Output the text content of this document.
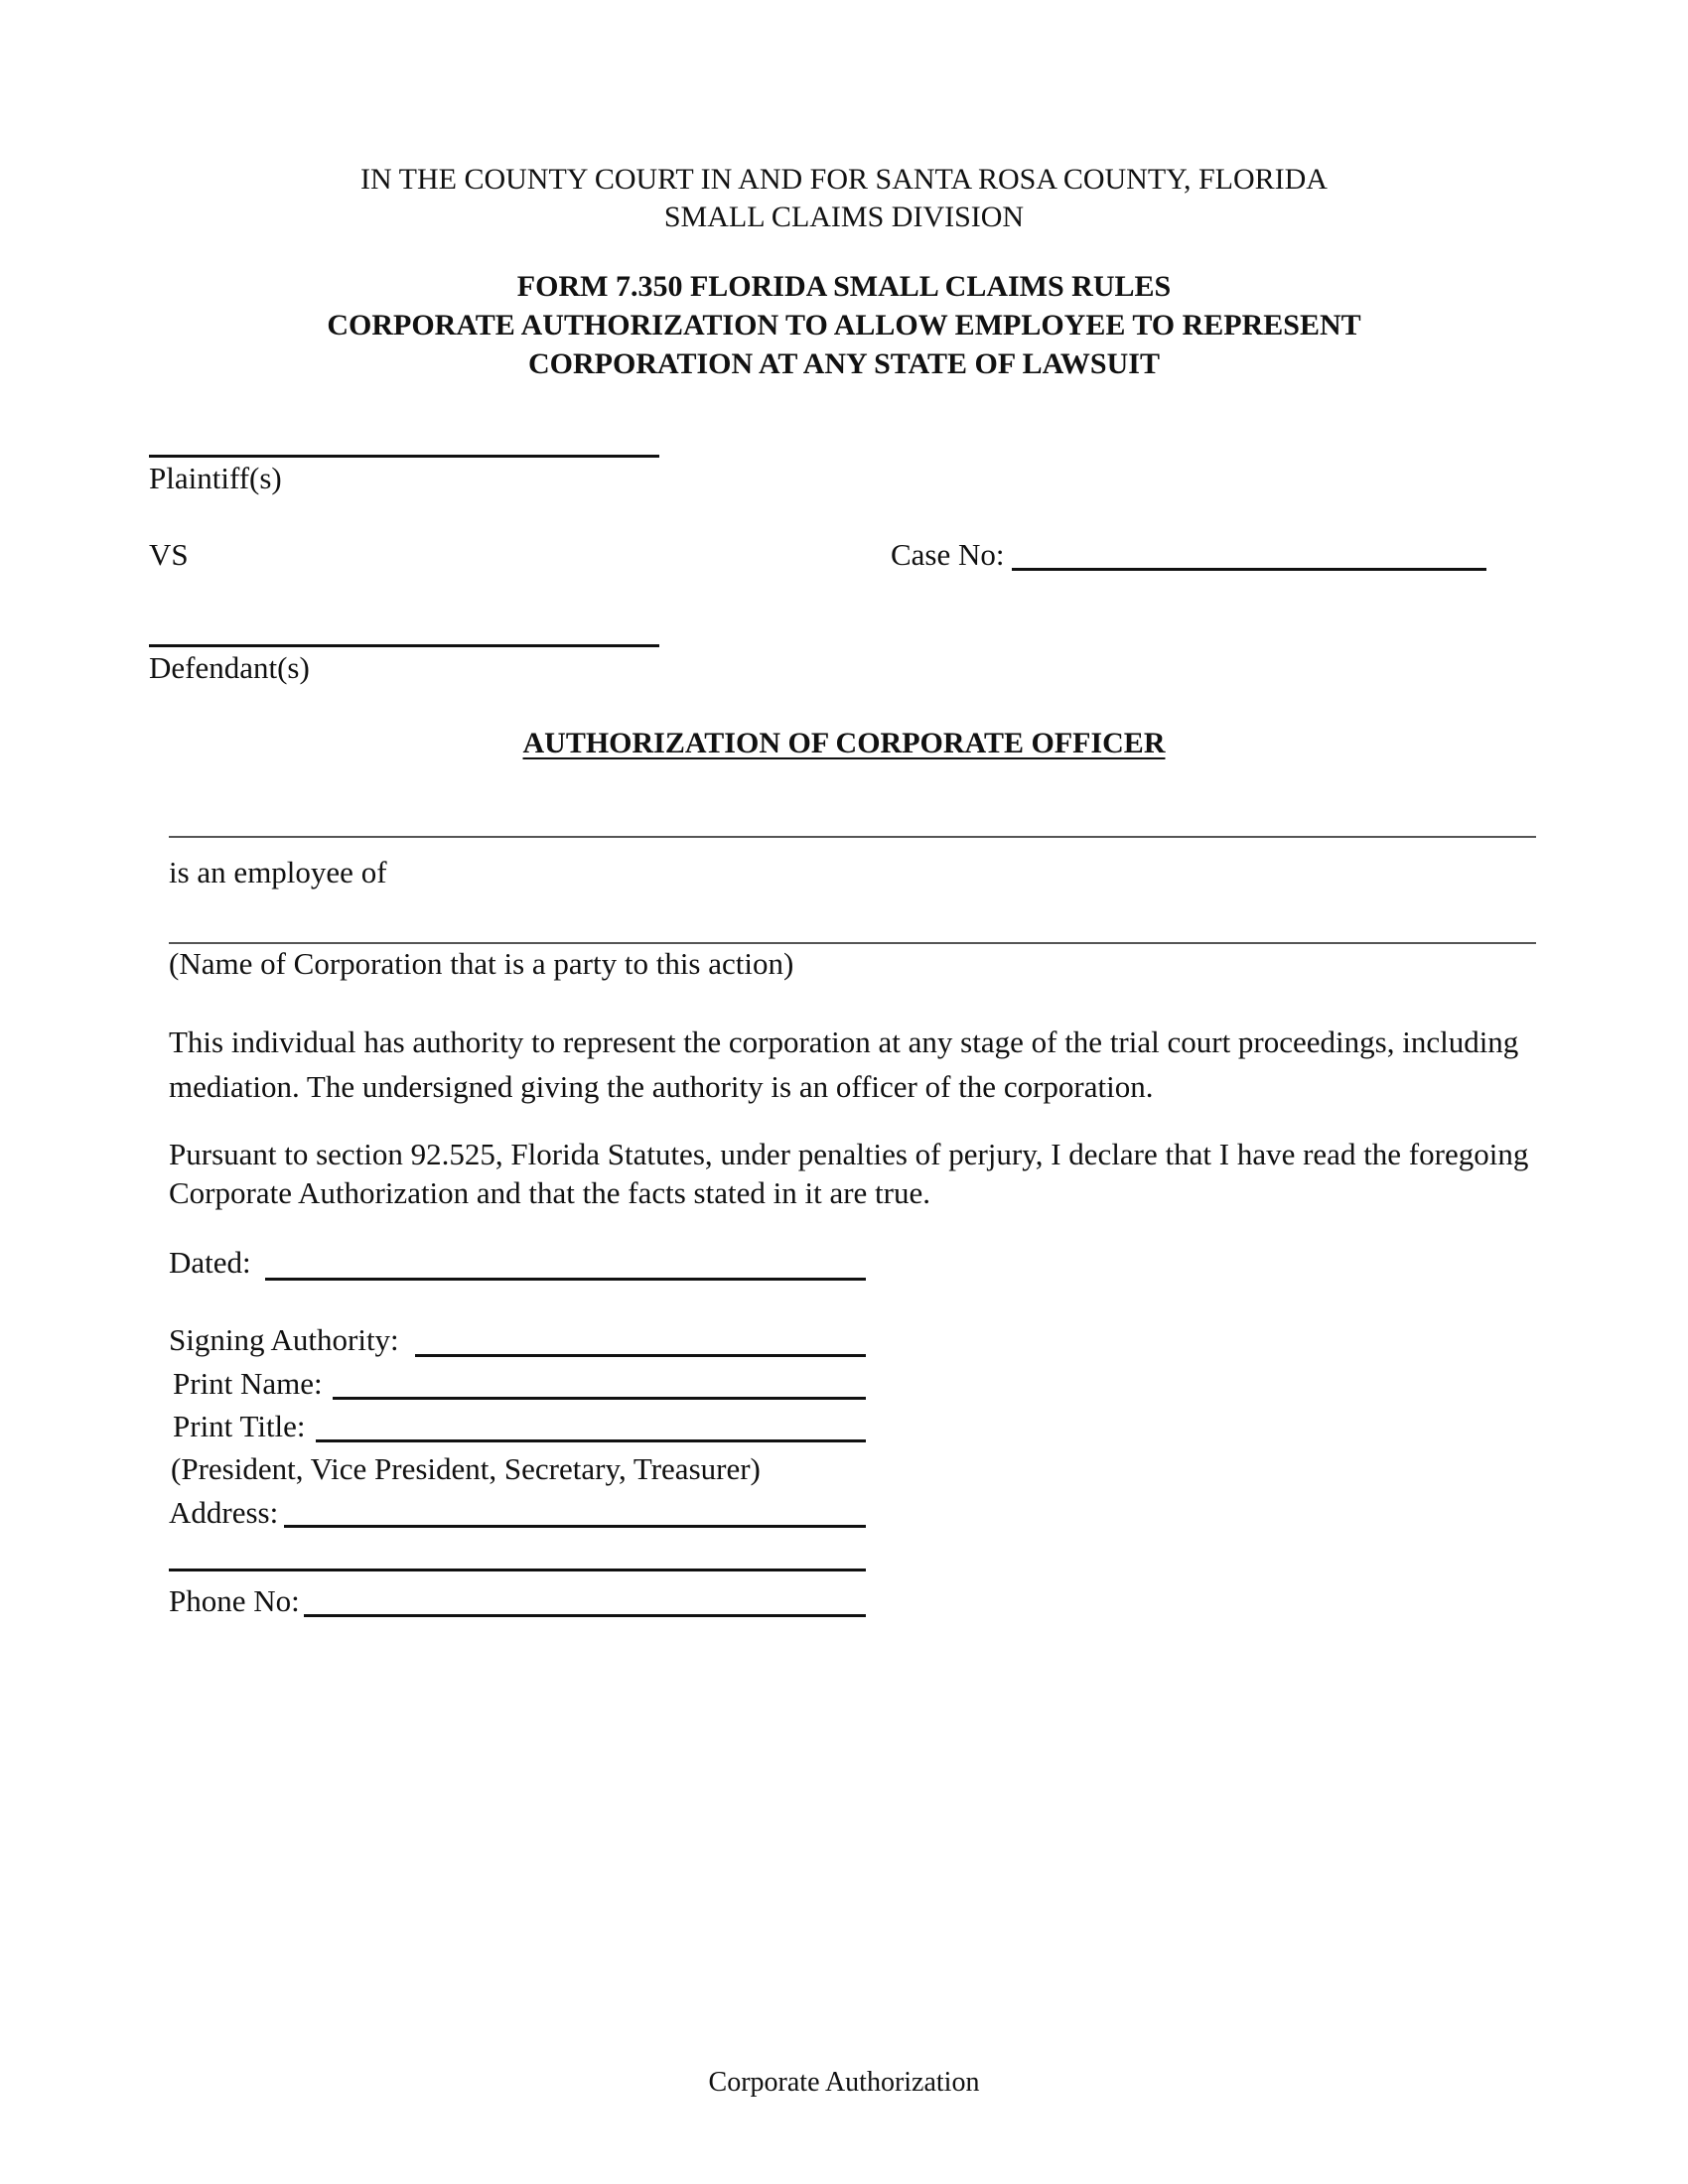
IN THE COUNTY COURT IN AND FOR SANTA ROSA COUNTY, FLORIDA
SMALL CLAIMS DIVISION
FORM 7.350 FLORIDA SMALL CLAIMS RULES
CORPORATE AUTHORIZATION TO ALLOW EMPLOYEE TO REPRESENT
CORPORATION AT ANY STATE OF LAWSUIT
Plaintiff(s)
VS	Case No:
Defendant(s)
AUTHORIZATION OF CORPORATE OFFICER
is an employee of
(Name of Corporation that is a party to this action)
This individual has authority to represent the corporation at any stage of the trial court proceedings, including mediation. The undersigned giving the authority is an officer of the corporation.
Pursuant to section 92.525, Florida Statutes, under penalties of perjury, I declare that I have read the foregoing Corporate Authorization and that the facts stated in it are true.
Dated:
Signing Authority:
Print Name:
Print Title:
(President, Vice President, Secretary, Treasurer)
Address:
Phone No:
Corporate Authorization
